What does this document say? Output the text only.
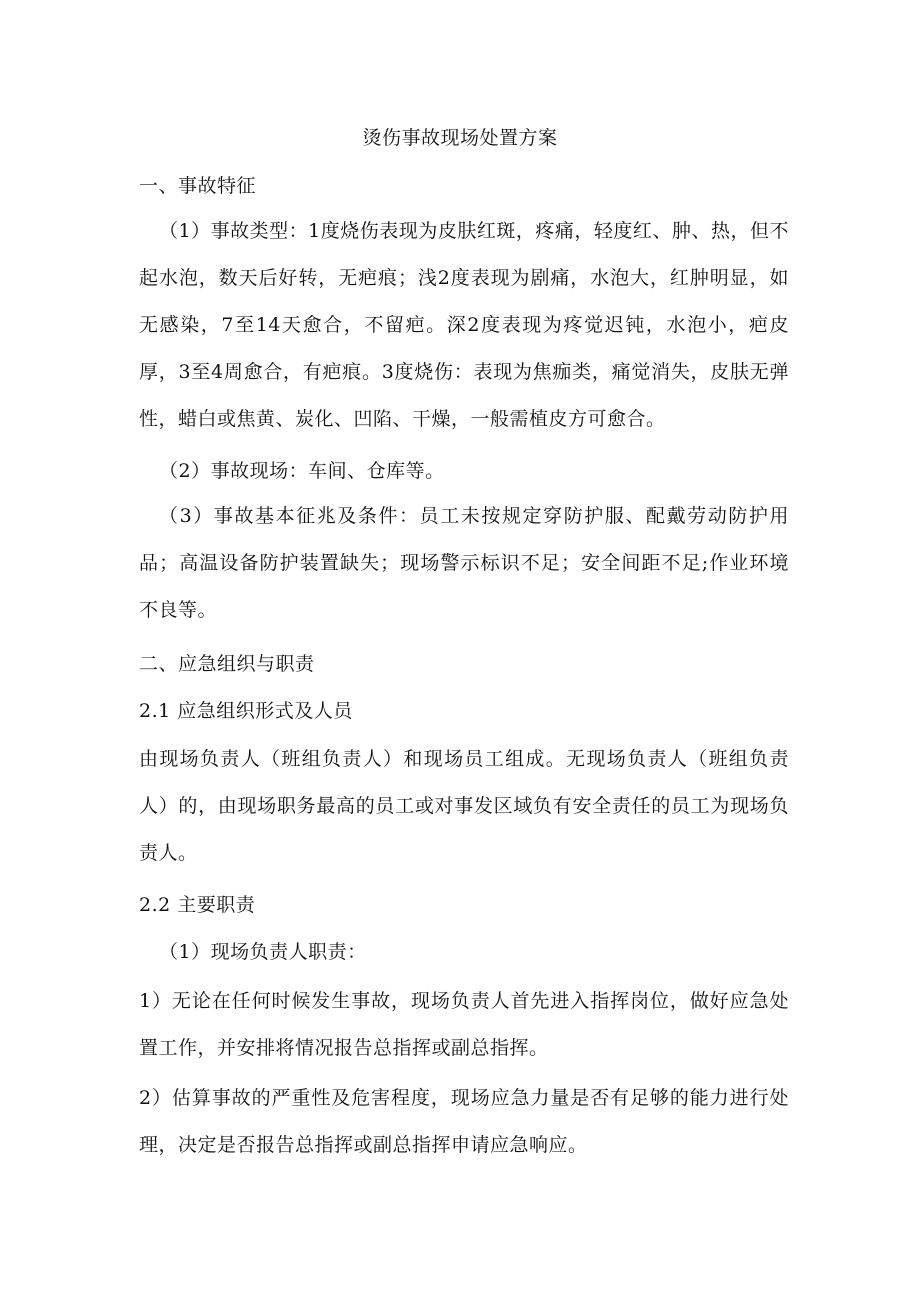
烫伤事故现场处置方案
一、事故特征
（1）事故类型：1度烧伤表现为皮肤红斑，疼痛，轻度红、肿、热，但不起水泡，数天后好转，无疤痕；浅2度表现为剧痛，水泡大，红肿明显，如无感染，7至14天愈合，不留疤。深2度表现为疼觉迟钝，水泡小，疤皮厚，3至4周愈合，有疤痕。3度烧伤：表现为焦痂类，痛觉消失，皮肤无弹性，蜡白或焦黄、炭化、凹陷、干燥，一般需植皮方可愈合。
（2）事故现场：车间、仓库等。
（3）事故基本征兆及条件：员工未按规定穿防护服、配戴劳动防护用品；高温设备防护装置缺失；现场警示标识不足；安全间距不足;作业环境不良等。
二、应急组织与职责
2.1 应急组织形式及人员
由现场负责人（班组负责人）和现场员工组成。无现场负责人（班组负责人）的，由现场职务最高的员工或对事发区域负有安全责任的员工为现场负责人。
2.2 主要职责
（1）现场负责人职责：
1）无论在任何时候发生事故，现场负责人首先进入指挥岗位，做好应急处置工作，并安排将情况报告总指挥或副总指挥。
2）估算事故的严重性及危害程度，现场应急力量是否有足够的能力进行处理，决定是否报告总指挥或副总指挥申请应急响应。
